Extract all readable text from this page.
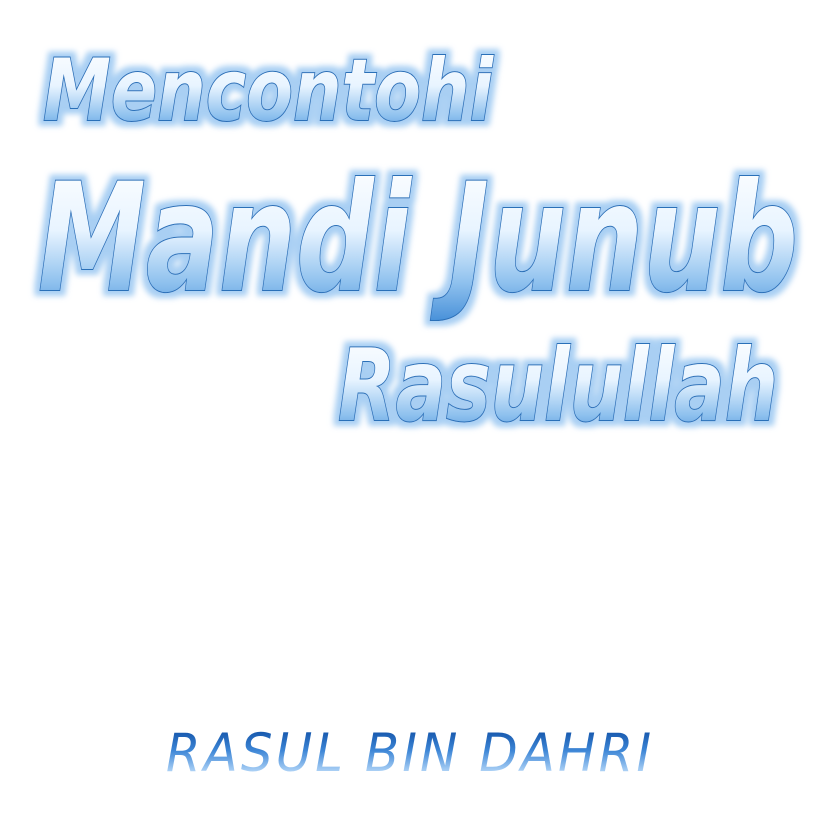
Mencontohi
Mandi Junub
Rasulullah
RASUL BIN DAHRI
